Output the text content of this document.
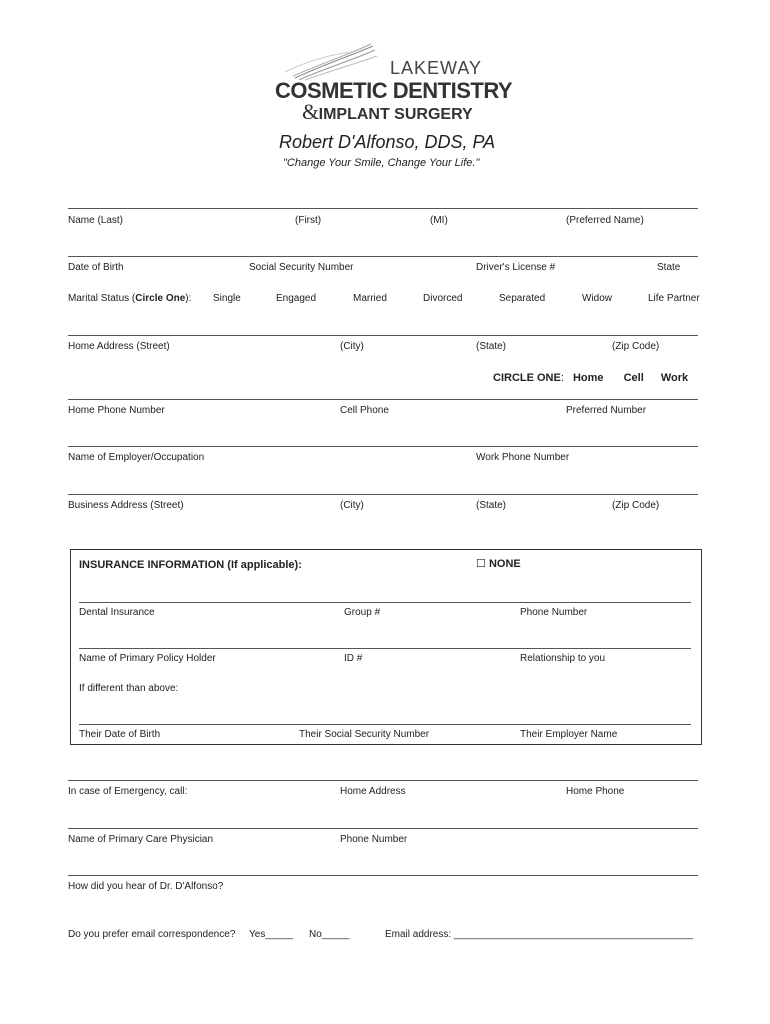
LAKEWAY
COSMETIC DENTISTRY
&IMPLANT SURGERY
Robert D'Alfonso, DDS, PA
"Change Your Smile, Change Your Life."
Name (Last)	(First)	(MI)	(Preferred Name)
Date of Birth	Social Security Number	Driver's License #	State
Marital Status (Circle One): Single	Engaged	Married	Divorced	Separated	Widow	Life Partner
Home Address (Street)	(City)	(State)	(Zip Code)
CIRCLE ONE: Home Cell Work
Home Phone Number	Cell Phone	Preferred Number
Name of Employer/Occupation	Work Phone Number
Business Address (Street)	(City)	(State)	(Zip Code)
INSURANCE INFORMATION (If applicable):	☐ NONE
Dental Insurance	Group #	Phone Number
Name of Primary Policy Holder	ID #	Relationship to you
If different than above:
Their Date of Birth	Their Social Security Number	Their Employer Name
In case of Emergency, call:	Home Address	Home Phone
Name of Primary Care Physician	Phone Number
How did you hear of Dr. D'Alfonso?
Do you prefer email correspondence? Yes_____ No_____	Email address: ___________________________________________
